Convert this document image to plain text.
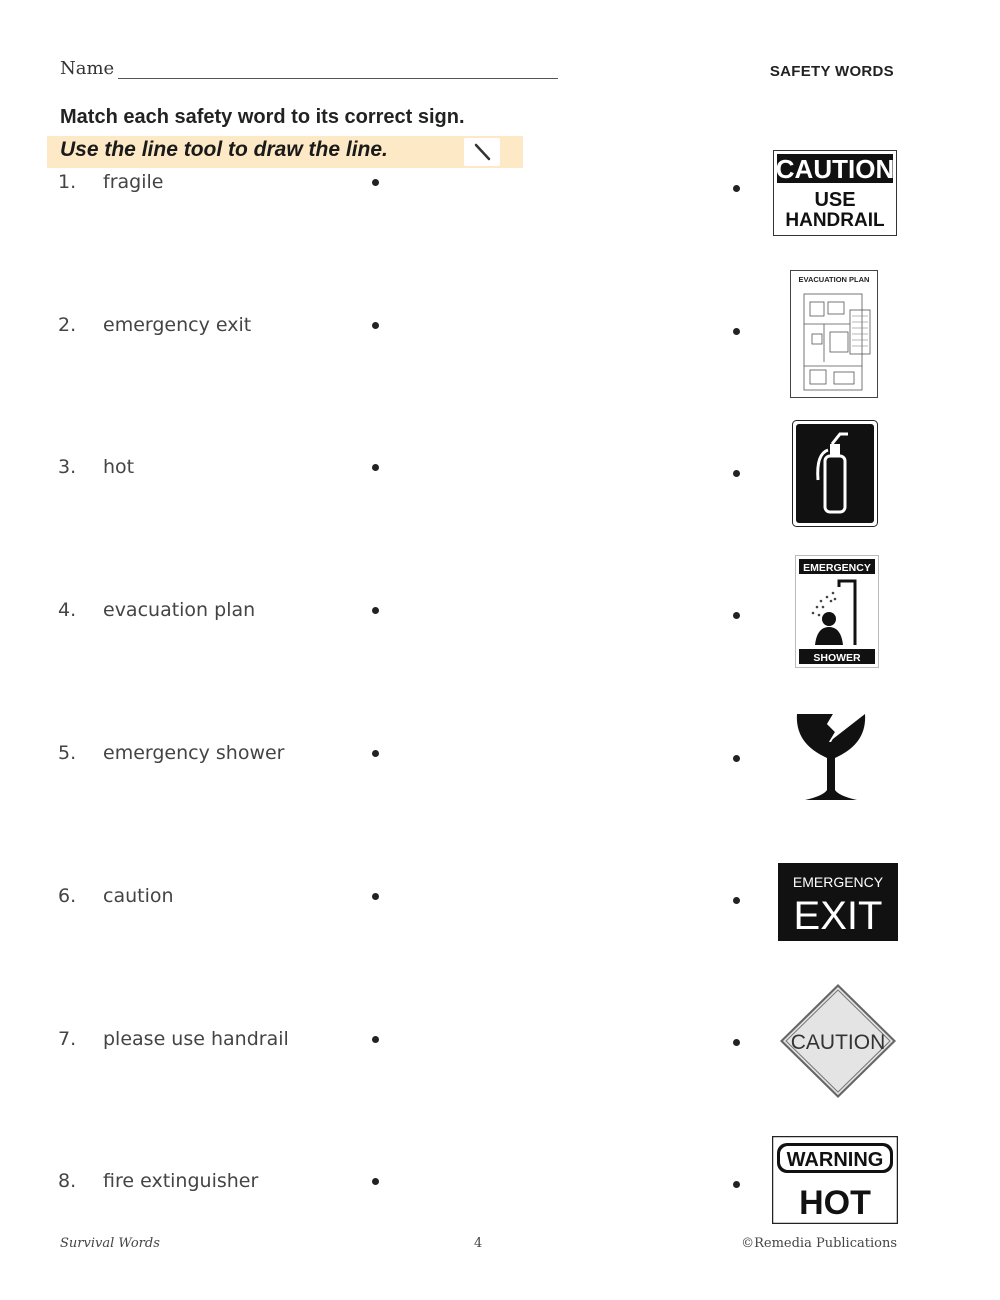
Name	SAFETY WORDS
Match each safety word to its correct sign.
Use the line tool to draw the line.
1. fragile
2. emergency exit
3. hot
4. evacuation plan
5. emergency shower
6. caution
7. please use handrail
8. fire extinguisher
CAUTION
USE
HANDRAIL
EVACUATION PLAN
EMERGENCY
SHOWER
EMERGENCY
EXIT
CAUTION
WARNING
HOT
Survival Words	4	©Remedia Publications
